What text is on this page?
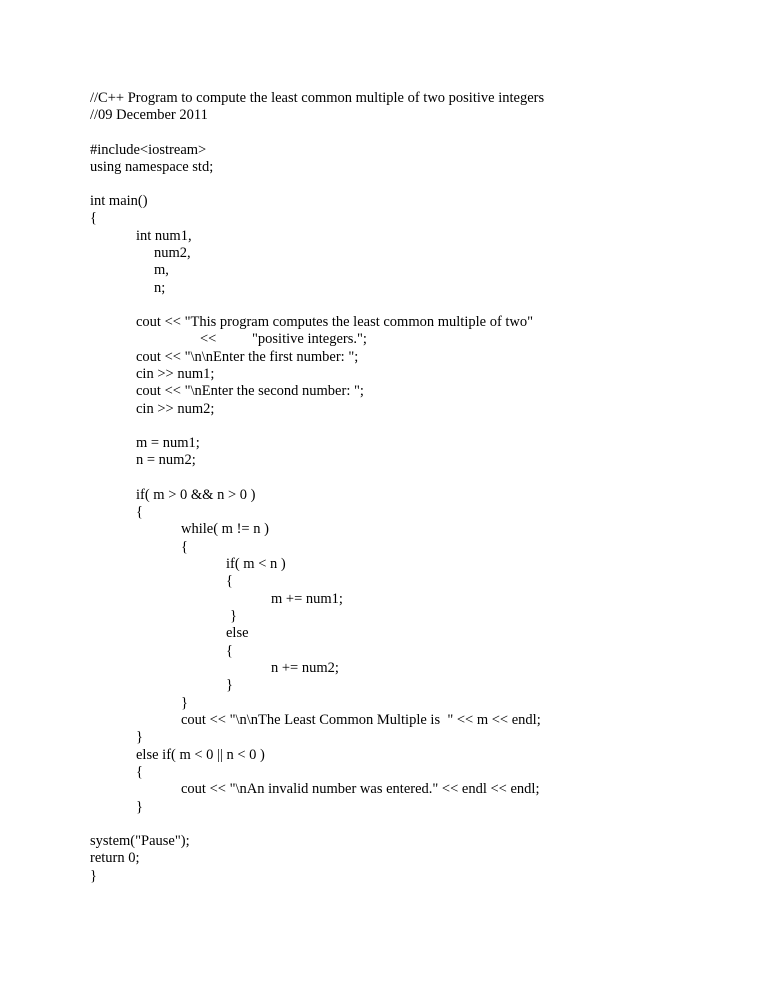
//C++ Program to compute the least common multiple of two positive integers
//09 December 2011
#include<iostream>
using namespace std;
int main()
{
int num1,
num2,
m,
n;
cout << "This program computes the least common multiple of two"
<< "positive integers.";
cout << "\n\nEnter the first number: ";
cin >> num1;
cout << "\nEnter the second number: ";
cin >> num2;
m = num1;
n = num2;
if( m > 0 && n > 0 )
{
while( m != n )
{
if( m < n )
{
m += num1;
}
else
{
n += num2;
}
}
cout << "\n\nThe Least Common Multiple is  " << m << endl;
}
else if( m < 0 || n < 0 )
{
cout << "\nAn invalid number was entered." << endl << endl;
}
system("Pause");
return 0;
}
